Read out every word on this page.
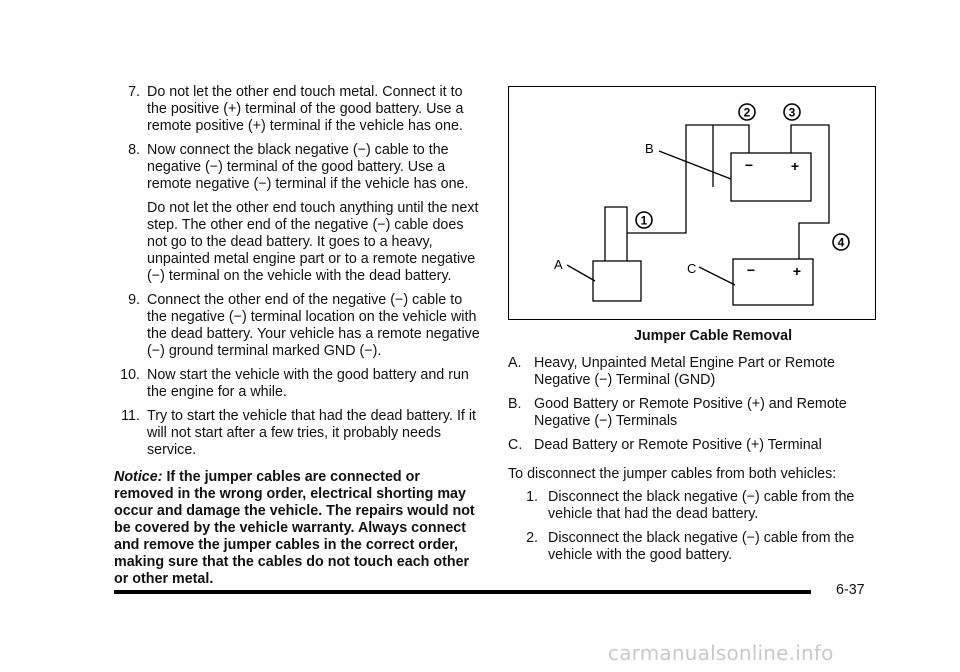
7. Do not let the other end touch metal. Connect it to the positive (+) terminal of the good battery. Use a remote positive (+) terminal if the vehicle has one.
8. Now connect the black negative (−) cable to the negative (−) terminal of the good battery. Use a remote negative (−) terminal if the vehicle has one.
Do not let the other end touch anything until the next step. The other end of the negative (−) cable does not go to the dead battery. It goes to a heavy, unpainted metal engine part or to a remote negative (−) terminal on the vehicle with the dead battery.
9. Connect the other end of the negative (−) cable to the negative (−) terminal location on the vehicle with the dead battery. Your vehicle has a remote negative (−) ground terminal marked GND (−).
10. Now start the vehicle with the good battery and run the engine for a while.
11. Try to start the vehicle that had the dead battery. If it will not start after a few tries, it probably needs service.
Notice: If the jumper cables are connected or removed in the wrong order, electrical shorting may occur and damage the vehicle. The repairs would not be covered by the vehicle warranty. Always connect and remove the jumper cables in the correct order, making sure that the cables do not touch each other or other metal.
2	3
1
4
B
A	C
−	+
−	+
Jumper Cable Removal
A. Heavy, Unpainted Metal Engine Part or Remote Negative (−) Terminal (GND)
B. Good Battery or Remote Positive (+) and Remote Negative (−) Terminals
C. Dead Battery or Remote Positive (+) Terminal
To disconnect the jumper cables from both vehicles:
1. Disconnect the black negative (−) cable from the vehicle that had the dead battery.
2. Disconnect the black negative (−) cable from the vehicle with the good battery.
6-37
carmanualsonline.info
